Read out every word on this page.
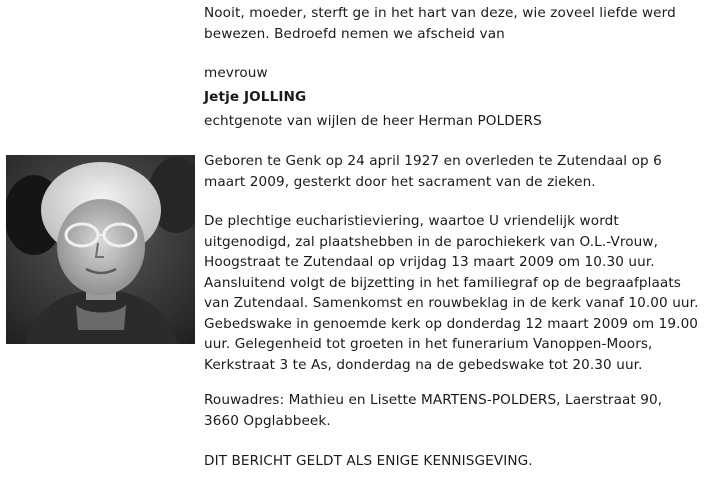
Nooit, moeder, sterft ge in het hart van deze, wie zoveel liefde werd bewezen. Bedroefd nemen we afscheid van

mevrouw

Jetje JOLLING

echtgenote van wijlen de heer Herman POLDERS

Geboren te Genk op 24 april 1927 en overleden te Zutendaal op 6 maart 2009, gesterkt door het sacrament van de zieken.

De plechtige eucharistieviering, waartoe U vriendelijk wordt uitgenodigd, zal plaatshebben in de parochiekerk van O.L.-Vrouw, Hoogstraat te Zutendaal op vrijdag 13 maart 2009 om 10.30 uur. Aansluitend volgt de bijzetting in het familiegraf op de begraafplaats van Zutendaal. Samenkomst en rouwbeklag in de kerk vanaf 10.00 uur. Gebedswake in genoemde kerk op donderdag 12 maart 2009 om 19.00 uur. Gelegenheid tot groeten in het funerarium Vanoppen-Moors, Kerkstraat 3 te As, donderdag na de gebedswake tot 20.30 uur.

Rouwadres: Mathieu en Lisette MARTENS-POLDERS, Laerstraat 90, 3660 Opglabbeek.

DIT BERICHT GELDT ALS ENIGE KENNISGEVING.
